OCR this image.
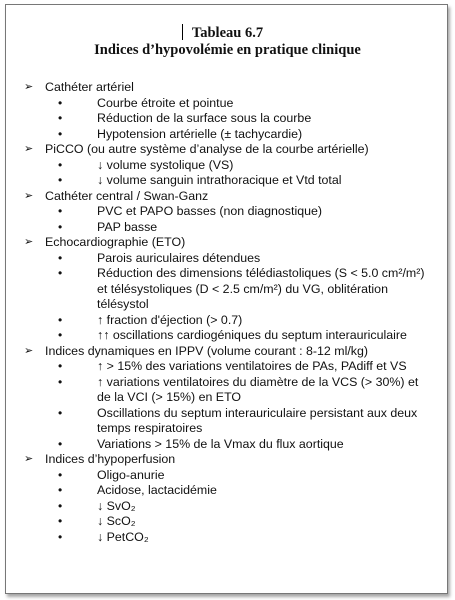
Tableau 6.7
Indices d’hypovolémie en pratique clinique
➢ Cathéter artériel
•	Courbe étroite et pointue
•	Réduction de la surface sous la courbe
•	Hypotension artérielle (± tachycardie)
➢ PiCCO (ou autre système d’analyse de la courbe artérielle)
•	↓ volume systolique (VS)
•	↓ volume sanguin intrathoracique et Vtd total
➢ Cathéter central / Swan-Ganz
•	PVC et PAPO basses (non diagnostique)
•	PAP basse
➢ Echocardiographie (ETO)
•	Parois auriculaires détendues
•	Réduction des dimensions télédiastoliques (S < 5.0 cm²/m²) et télésystoliques (D < 2.5 cm/m²) du VG, oblitération télésystol
•	↑ fraction d'éjection (> 0.7)
•	↑↑ oscillations cardiogéniques du septum interauriculaire
➢ Indices dynamiques en IPPV (volume courant : 8-12 ml/kg)
•	↑ > 15% des variations ventilatoires de PAs, PAdiff et VS
•	↑ variations ventilatoires du diamètre de la VCS (> 30%) et de la VCI (> 15%) en ETO
•	Oscillations du septum interauriculaire persistant aux deux temps respiratoires
•	Variations > 15% de la Vmax du flux aortique
➢ Indices d’hypoperfusion
•	Oligo-anurie
•	Acidose, lactacidémie
•	↓ SvO₂
•	↓ ScO₂
•	↓ PetCO₂
